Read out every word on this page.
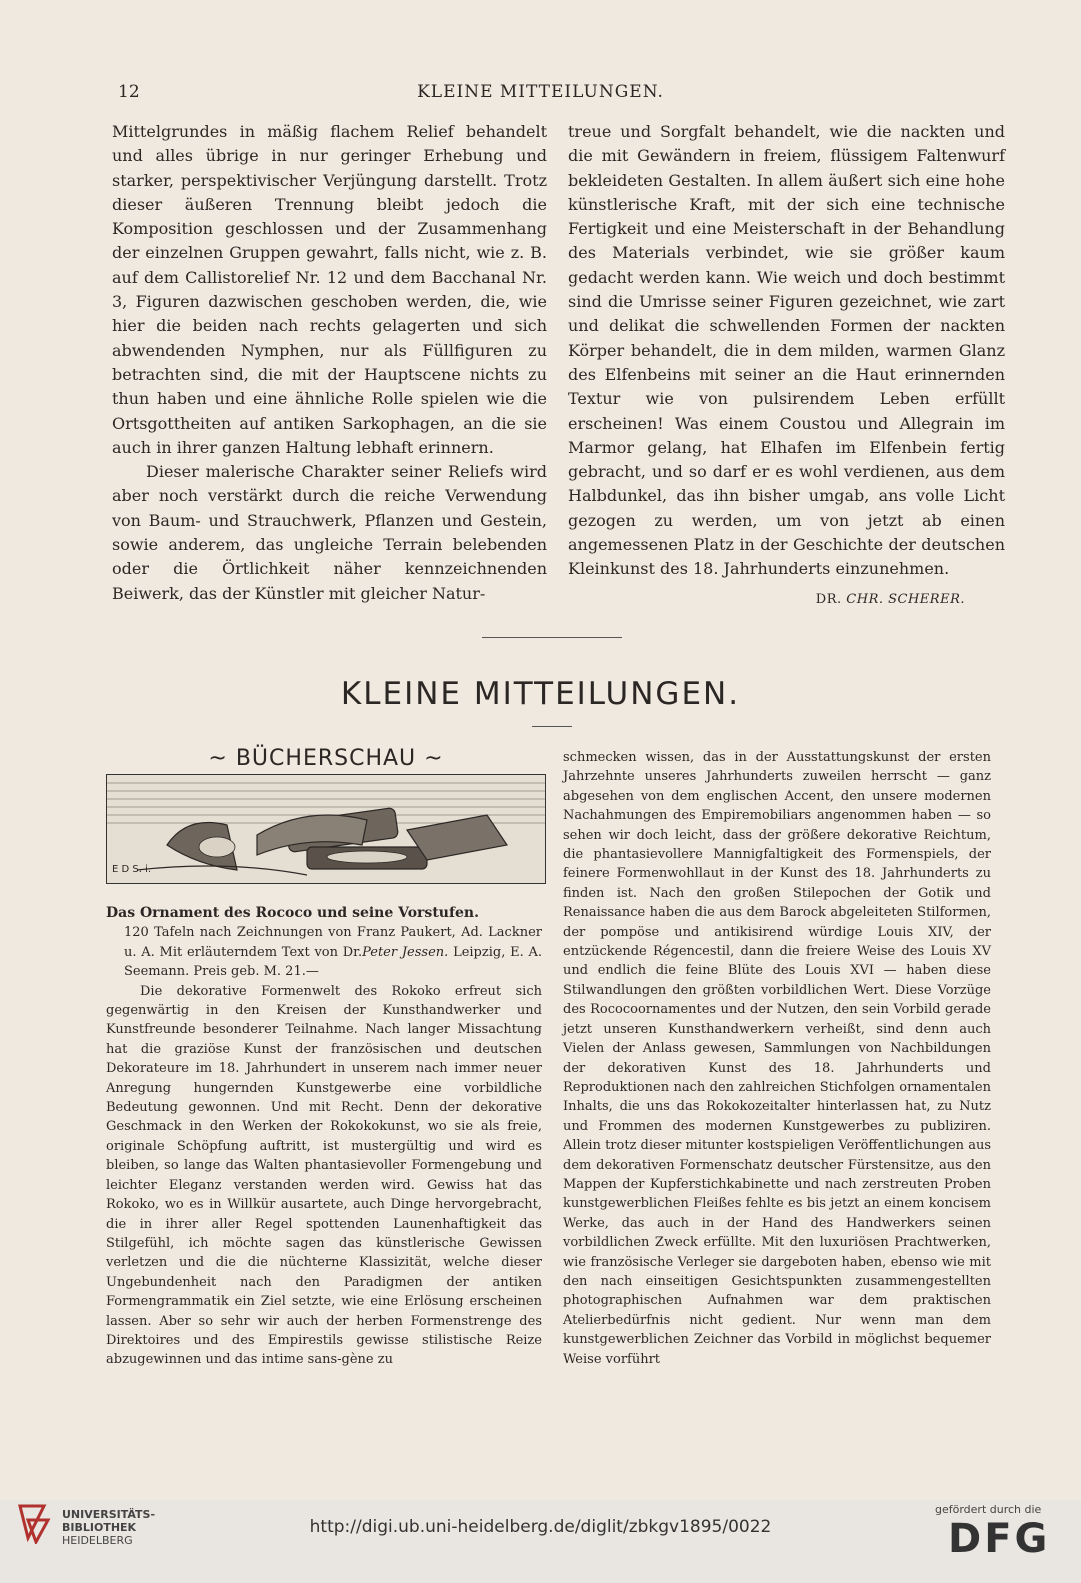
12	KLEINE MITTEILUNGEN.

Mittelgrundes in mäßig flachem Relief behandelt und alles übrige in nur geringer Erhebung und starker, perspektivischer Verjüngung darstellt. Trotz dieser äußeren Trennung bleibt jedoch die Komposition geschlossen und der Zusammenhang der einzelnen Gruppen gewahrt, falls nicht, wie z. B. auf dem Callistorelief Nr. 12 und dem Bacchanal Nr. 3, Figuren dazwischen geschoben werden, die, wie hier die beiden nach rechts gelagerten und sich abwendenden Nymphen, nur als Füllfiguren zu betrachten sind, die mit der Hauptscene nichts zu thun haben und eine ähnliche Rolle spielen wie die Ortsgottheiten auf antiken Sarkophagen, an die sie auch in ihrer ganzen Haltung lebhaft erinnern.

Dieser malerische Charakter seiner Reliefs wird aber noch verstärkt durch die reiche Verwendung von Baum- und Strauchwerk, Pflanzen und Gestein, sowie anderem, das ungleiche Terrain belebenden oder die Örtlichkeit näher kennzeichnenden Beiwerk, das der Künstler mit gleicher Natur-

treue und Sorgfalt behandelt, wie die nackten und die mit Gewändern in freiem, flüssigem Faltenwurf bekleideten Gestalten. In allem äußert sich eine hohe künstlerische Kraft, mit der sich eine technische Fertigkeit und eine Meisterschaft in der Behandlung des Materials verbindet, wie sie größer kaum gedacht werden kann. Wie weich und doch bestimmt sind die Umrisse seiner Figuren gezeichnet, wie zart und delikat die schwellenden Formen der nackten Körper behandelt, die in dem milden, warmen Glanz des Elfenbeins mit seiner an die Haut erinnernden Textur wie von pulsirendem Leben erfüllt erscheinen! Was einem Coustou und Allegrain im Marmor gelang, hat Elhafen im Elfenbein fertig gebracht, und so darf er es wohl verdienen, aus dem Halbdunkel, das ihn bisher umgab, ans volle Licht gezogen zu werden, um von jetzt ab einen angemessenen Platz in der Geschichte der deutschen Kleinkunst des 18. Jahrhunderts einzunehmen.

DR. CHR. SCHERER.

KLEINE MITTEILUNGEN.
~ BÜCHERSCHAU ~
E D S. i.

Das Ornament des Rococo und seine Vorstufen.

120 Tafeln nach Zeichnungen von Franz Paukert, Ad. Lackner u. A. Mit erläuterndem Text von Dr.Peter Jessen. Leipzig, E. A. Seemann. Preis geb. M. 21.—

Die dekorative Formenwelt des Rokoko erfreut sich gegenwärtig in den Kreisen der Kunsthandwerker und Kunstfreunde besonderer Teilnahme. Nach langer Missachtung hat die graziöse Kunst der französischen und deutschen Dekorateure im 18. Jahrhundert in unserem nach immer neuer Anregung hungernden Kunstgewerbe eine vorbildliche Bedeutung gewonnen. Und mit Recht. Denn der dekorative Geschmack in den Werken der Rokokokunst, wo sie als freie, originale Schöpfung auftritt, ist mustergültig und wird es bleiben, so lange das Walten phantasievoller Formengebung und leichter Eleganz verstanden werden wird. Gewiss hat das Rokoko, wo es in Willkür ausartete, auch Dinge hervorgebracht, die in ihrer aller Regel spottenden Launenhaftigkeit das Stilgefühl, ich möchte sagen das künstlerische Gewissen verletzen und die die nüchterne Klassizität, welche dieser Ungebundenheit nach den Paradigmen der antiken Formengrammatik ein Ziel setzte, wie eine Erlösung erscheinen lassen. Aber so sehr wir auch der herben Formenstrenge des Direktoires und des Empirestils gewisse stilistische Reize abzugewinnen und das intime sans-gène zu

schmecken wissen, das in der Ausstattungskunst der ersten Jahrzehnte unseres Jahrhunderts zuweilen herrscht — ganz abgesehen von dem englischen Accent, den unsere modernen Nachahmungen des Empiremobiliars angenommen haben — so sehen wir doch leicht, dass der größere dekorative Reichtum, die phantasievollere Mannigfaltigkeit des Formenspiels, der feinere Formenwohllaut in der Kunst des 18. Jahrhunderts zu finden ist. Nach den großen Stilepochen der Gotik und Renaissance haben die aus dem Barock abgeleiteten Stilformen, der pompöse und antikisirend würdige Louis XIV, der entzückende Régencestil, dann die freiere Weise des Louis XV und endlich die feine Blüte des Louis XVI — haben diese Stilwandlungen den größten vorbildlichen Wert. Diese Vorzüge des Rococoornamentes und der Nutzen, den sein Vorbild gerade jetzt unseren Kunsthandwerkern verheißt, sind denn auch Vielen der Anlass gewesen, Sammlungen von Nachbildungen der dekorativen Kunst des 18. Jahrhunderts und Reproduktionen nach den zahlreichen Stichfolgen ornamentalen Inhalts, die uns das Rokokozeitalter hinterlassen hat, zu Nutz und Frommen des modernen Kunstgewerbes zu publiziren. Allein trotz dieser mitunter kostspieligen Veröffentlichungen aus dem dekorativen Formenschatz deutscher Fürstensitze, aus den Mappen der Kupferstichkabinette und nach zerstreuten Proben kunstgewerblichen Fleißes fehlte es bis jetzt an einem koncisem Werke, das auch in der Hand des Handwerkers seinen vorbildlichen Zweck erfüllte. Mit den luxuriösen Prachtwerken, wie französische Verleger sie dargeboten haben, ebenso wie mit den nach einseitigen Gesichtspunkten zusammengestellten photographischen Aufnahmen war dem praktischen Atelierbedürfnis nicht gedient. Nur wenn man dem kunstgewerblichen Zeichner das Vorbild in möglichst bequemer Weise vorführt

UNIVERSITÄTS-
BIBLIOTHEK
HEIDELBERG
http://digi.ub.uni-heidelberg.de/diglit/zbkgv1895/0022
gefördert durch die
DFG
